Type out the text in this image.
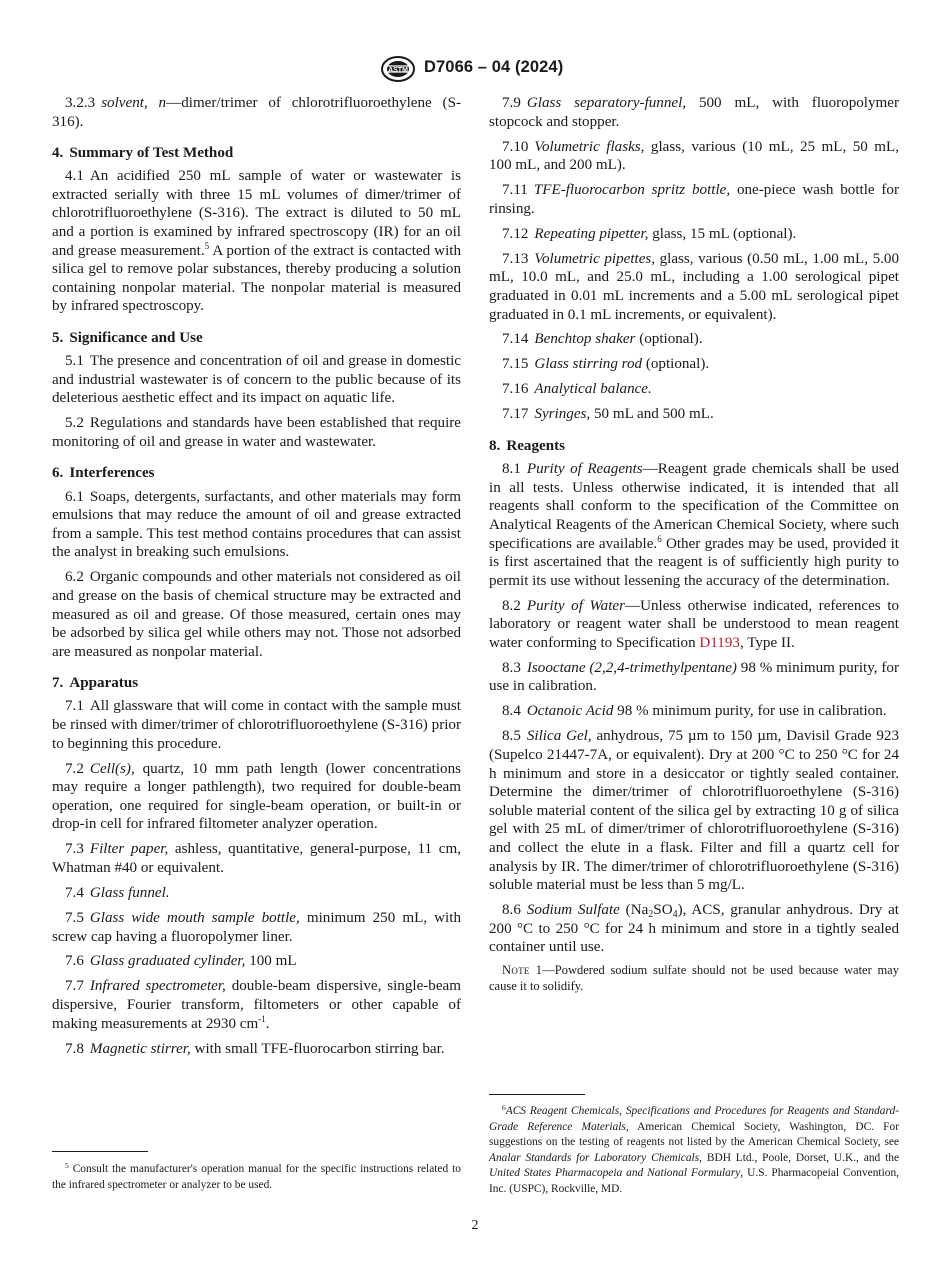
ASTM D7066 – 04 (2024)

3.2.3 solvent, n—dimer/trimer of chlorotrifluoroethylene (S-316).

4. Summary of Test Method

4.1 An acidified 250 mL sample of water or wastewater is extracted serially with three 15 mL volumes of dimer/trimer of chlorotrifluoroethylene (S-316). The extract is diluted to 50 mL and a portion is examined by infrared spectroscopy (IR) for an oil and grease measurement.$^5$ A portion of the extract is contacted with silica gel to remove polar substances, thereby producing a solution containing nonpolar material. The nonpolar material is measured by infrared spectroscopy.

5. Significance and Use

5.1 The presence and concentration of oil and grease in domestic and industrial wastewater is of concern to the public because of its deleterious aesthetic effect and its impact on aquatic life.

5.2 Regulations and standards have been established that require monitoring of oil and grease in water and wastewater.

6. Interferences

6.1 Soaps, detergents, surfactants, and other materials may form emulsions that may reduce the amount of oil and grease extracted from a sample. This test method contains procedures that can assist the analyst in breaking such emulsions.

6.2 Organic compounds and other materials not considered as oil and grease on the basis of chemical structure may be extracted and measured as oil and grease. Of those measured, certain ones may be adsorbed by silica gel while others may not. Those not adsorbed are measured as nonpolar material.

7. Apparatus

7.1 All glassware that will come in contact with the sample must be rinsed with dimer/trimer of chlorotrifluoroethylene (S-316) prior to beginning this procedure.

7.2 Cell(s), quartz, 10 mm path length (lower concentrations may require a longer pathlength), two required for double-beam operation, one required for single-beam operation, or built-in or drop-in cell for infrared filtometer analyzer operation.

7.3 Filter paper, ashless, quantitative, general-purpose, 11 cm, Whatman #40 or equivalent.

7.4 Glass funnel.

7.5 Glass wide mouth sample bottle, minimum 250 mL, with screw cap having a fluoropolymer liner.

7.6 Glass graduated cylinder, 100 mL

7.7 Infrared spectrometer, double-beam dispersive, single-beam dispersive, Fourier transform, filtometers or other capable of making measurements at 2930 $cm^{-1}$.

7.8 Magnetic stirrer, with small TFE-fluorocarbon stirring bar.

$^5$ Consult the manufacturer's operation manual for the specific instructions related to the infrared spectrometer or analyzer to be used.

7.9 Glass separatory-funnel, 500 mL, with fluoropolymer stopcock and stopper.

7.10 Volumetric flasks, glass, various (10 mL, 25 mL, 50 mL, 100 mL, and 200 mL).

7.11 TFE-fluorocarbon spritz bottle, one-piece wash bottle for rinsing.

7.12 Repeating pipetter, glass, 15 mL (optional).

7.13 Volumetric pipettes, glass, various (0.50 mL, 1.00 mL, 5.00 mL, 10.0 mL, and 25.0 mL, including a 1.00 serological pipet graduated in 0.01 mL increments and a 5.00 mL serological pipet graduated in 0.1 mL increments, or equivalent).

7.14 Benchtop shaker (optional).

7.15 Glass stirring rod (optional).

7.16 Analytical balance.

7.17 Syringes, 50 mL and 500 mL.

8. Reagents

8.1 Purity of Reagents—Reagent grade chemicals shall be used in all tests. Unless otherwise indicated, it is intended that all reagents shall conform to the specification of the Committee on Analytical Reagents of the American Chemical Society, where such specifications are available.$^6$ Other grades may be used, provided it is first ascertained that the reagent is of sufficiently high purity to permit its use without lessening the accuracy of the determination.

8.2 Purity of Water—Unless otherwise indicated, references to laboratory or reagent water shall be understood to mean reagent water conforming to Specification D1193, Type II.

8.3 Isooctane (2,2,4-trimethylpentane) 98 % minimum purity, for use in calibration.

8.4 Octanoic Acid 98 % minimum purity, for use in calibration.

8.5 Silica Gel, anhydrous, 75 µm to 150 µm, Davisil Grade 923 (Supelco 21447-7A, or equivalent). Dry at 200 °C to 250 °C for 24 h minimum and store in a desiccator or tightly sealed container. Determine the dimer/trimer of chlorotrifluoroethylene (S-316) soluble material content of the silica gel by extracting 10 g of silica gel with 25 mL of dimer/trimer of chlorotrifluoroethylene (S-316) and collect the elute in a flask. Filter and fill a quartz cell for analysis by IR. The dimer/trimer of chlorotrifluoroethylene (S-316) soluble material must be less than 5 mg/L.

8.6 Sodium Sulfate $(Na_2SO_4)$, ACS, granular anhydrous. Dry at 200 °C to 250 °C for 24 h minimum and store in a tightly sealed container until use.

Note 1—Powdered sodium sulfate should not be used because water may cause it to solidify.

$^6$ACS Reagent Chemicals, Specifications and Procedures for Reagents and Standard-Grade Reference Materials, American Chemical Society, Washington, DC. For suggestions on the testing of reagents not listed by the American Chemical Society, see Analar Standards for Laboratory Chemicals, BDH Ltd., Poole, Dorset, U.K., and the United States Pharmacopeia and National Formulary, U.S. Pharmacopeial Convention, Inc. (USPC), Rockville, MD.

2
